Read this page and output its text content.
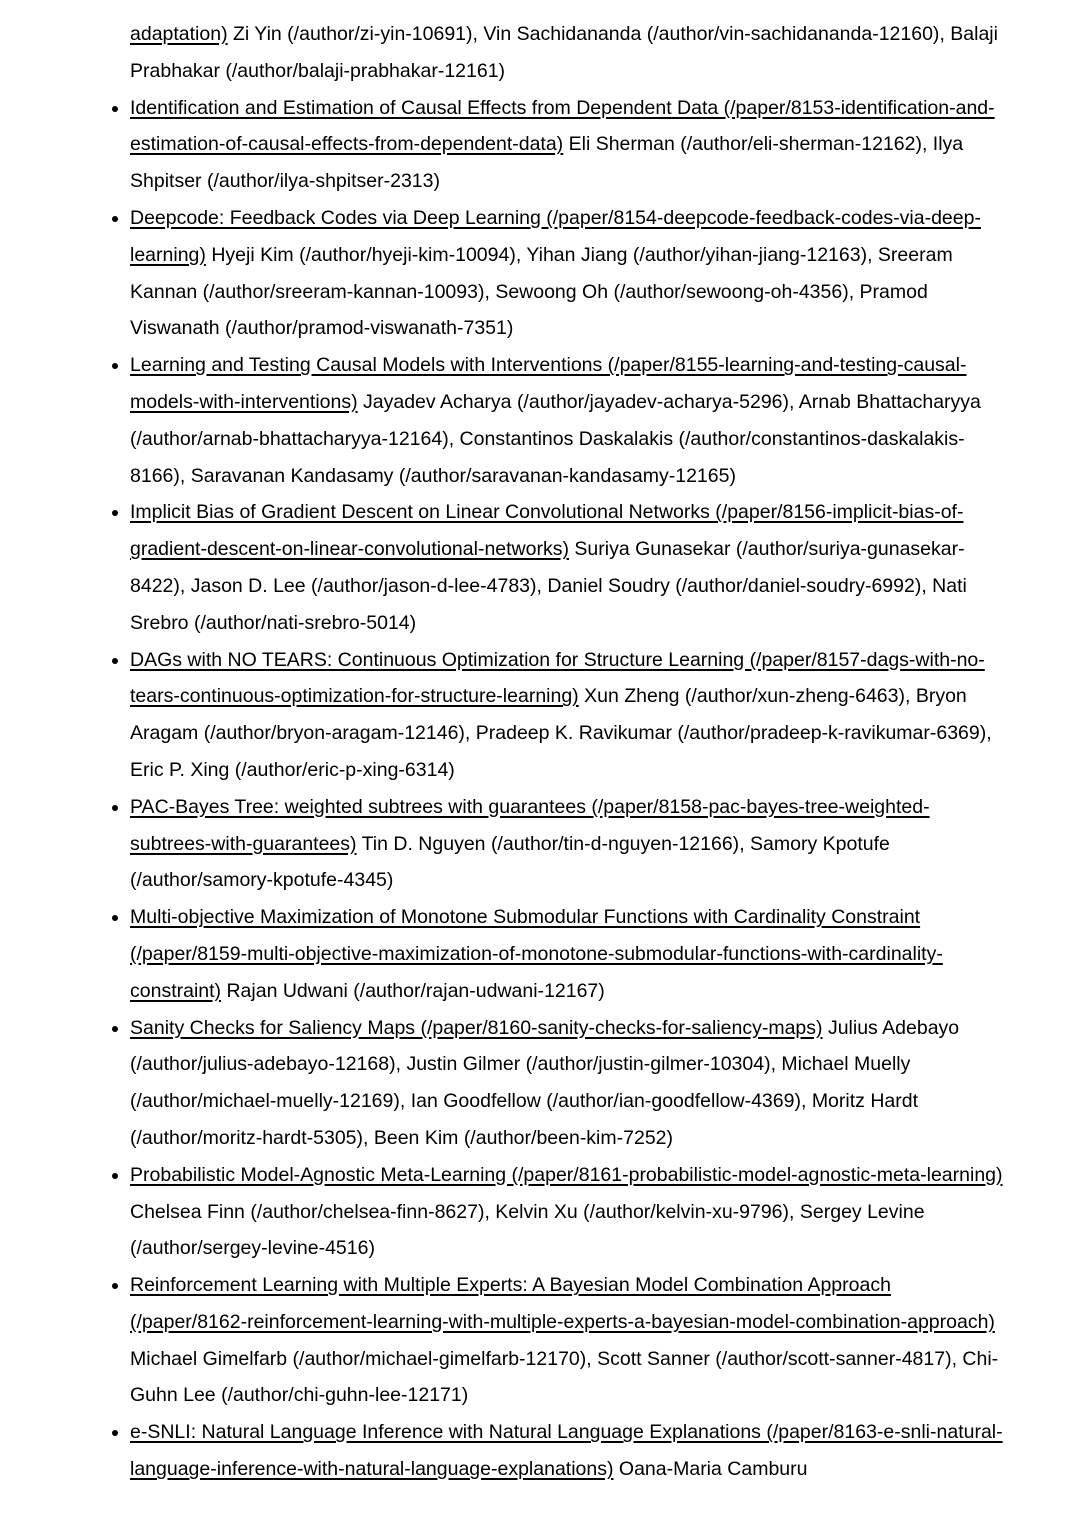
adaptation) Zi Yin (/author/zi-yin-10691), Vin Sachidananda (/author/vin-sachidananda-12160), Balaji Prabhakar (/author/balaji-prabhakar-12161)
• Identification and Estimation of Causal Effects from Dependent Data (/paper/8153-identification-and-estimation-of-causal-effects-from-dependent-data) Eli Sherman (/author/eli-sherman-12162), Ilya Shpitser (/author/ilya-shpitser-2313)
• Deepcode: Feedback Codes via Deep Learning (/paper/8154-deepcode-feedback-codes-via-deep-learning) Hyeji Kim (/author/hyeji-kim-10094), Yihan Jiang (/author/yihan-jiang-12163), Sreeram Kannan (/author/sreeram-kannan-10093), Sewoong Oh (/author/sewoong-oh-4356), Pramod Viswanath (/author/pramod-viswanath-7351)
• Learning and Testing Causal Models with Interventions (/paper/8155-learning-and-testing-causal-models-with-interventions) Jayadev Acharya (/author/jayadev-acharya-5296), Arnab Bhattacharyya (/author/arnab-bhattacharyya-12164), Constantinos Daskalakis (/author/constantinos-daskalakis-8166), Saravanan Kandasamy (/author/saravanan-kandasamy-12165)
• Implicit Bias of Gradient Descent on Linear Convolutional Networks (/paper/8156-implicit-bias-of-gradient-descent-on-linear-convolutional-networks) Suriya Gunasekar (/author/suriya-gunasekar-8422), Jason D. Lee (/author/jason-d-lee-4783), Daniel Soudry (/author/daniel-soudry-6992), Nati Srebro (/author/nati-srebro-5014)
• DAGs with NO TEARS: Continuous Optimization for Structure Learning (/paper/8157-dags-with-no-tears-continuous-optimization-for-structure-learning) Xun Zheng (/author/xun-zheng-6463), Bryon Aragam (/author/bryon-aragam-12146), Pradeep K. Ravikumar (/author/pradeep-k-ravikumar-6369), Eric P. Xing (/author/eric-p-xing-6314)
• PAC-Bayes Tree: weighted subtrees with guarantees (/paper/8158-pac-bayes-tree-weighted-subtrees-with-guarantees) Tin D. Nguyen (/author/tin-d-nguyen-12166), Samory Kpotufe (/author/samory-kpotufe-4345)
• Multi-objective Maximization of Monotone Submodular Functions with Cardinality Constraint (/paper/8159-multi-objective-maximization-of-monotone-submodular-functions-with-cardinality-constraint) Rajan Udwani (/author/rajan-udwani-12167)
• Sanity Checks for Saliency Maps (/paper/8160-sanity-checks-for-saliency-maps) Julius Adebayo (/author/julius-adebayo-12168), Justin Gilmer (/author/justin-gilmer-10304), Michael Muelly (/author/michael-muelly-12169), Ian Goodfellow (/author/ian-goodfellow-4369), Moritz Hardt (/author/moritz-hardt-5305), Been Kim (/author/been-kim-7252)
• Probabilistic Model-Agnostic Meta-Learning (/paper/8161-probabilistic-model-agnostic-meta-learning) Chelsea Finn (/author/chelsea-finn-8627), Kelvin Xu (/author/kelvin-xu-9796), Sergey Levine (/author/sergey-levine-4516)
• Reinforcement Learning with Multiple Experts: A Bayesian Model Combination Approach (/paper/8162-reinforcement-learning-with-multiple-experts-a-bayesian-model-combination-approach) Michael Gimelfarb (/author/michael-gimelfarb-12170), Scott Sanner (/author/scott-sanner-4817), Chi-Guhn Lee (/author/chi-guhn-lee-12171)
• e-SNLI: Natural Language Inference with Natural Language Explanations (/paper/8163-e-snli-natural-language-inference-with-natural-language-explanations) Oana-Maria Camburu
